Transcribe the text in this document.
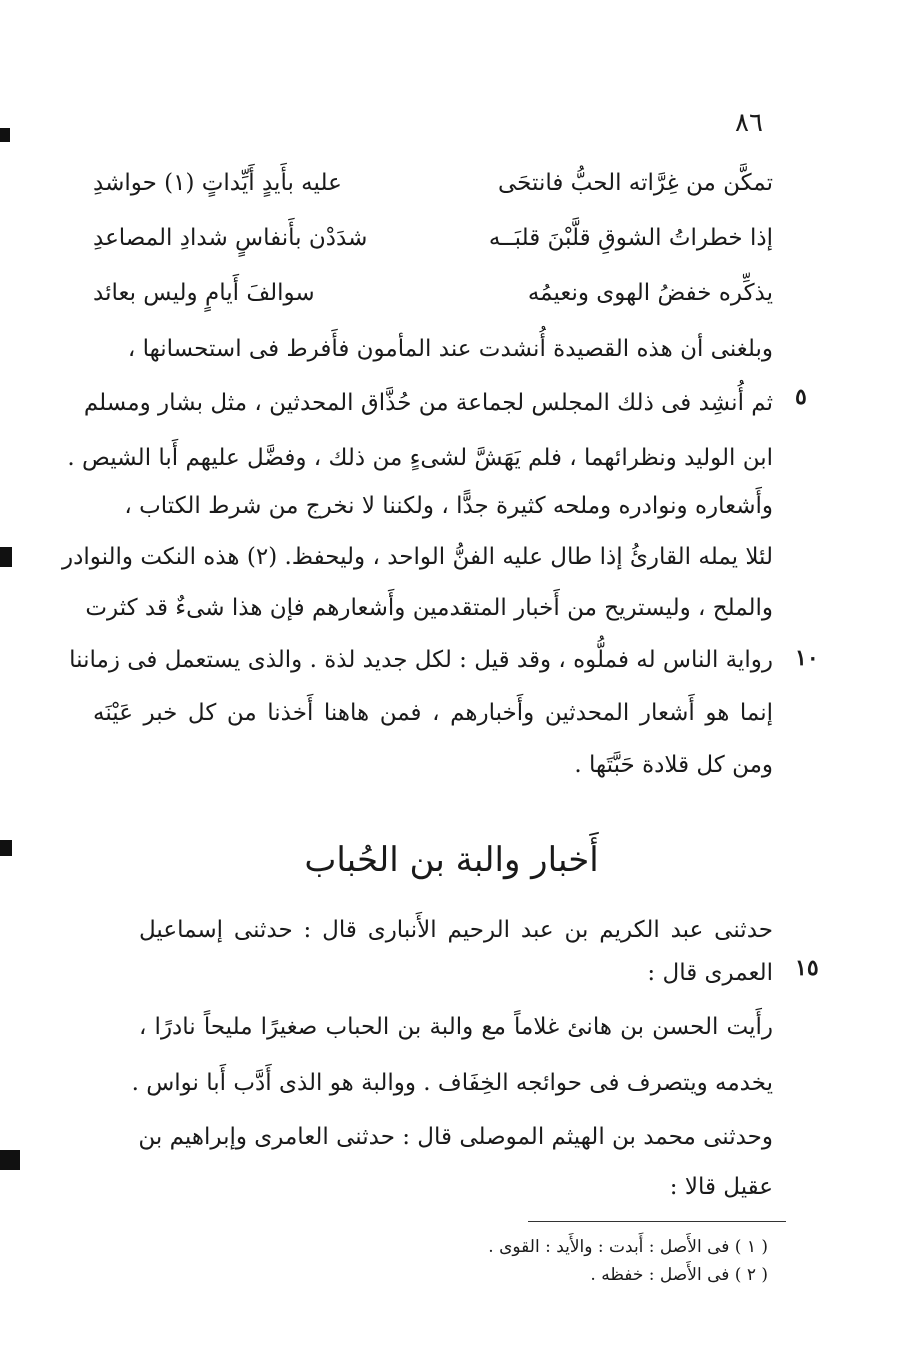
٨٦
تمكَّن من غِرَّاته الحبُّ فانتحَى
عليه بأَيدٍ أَيِّداتٍ (١) حواشدِ
إذا خطراتُ الشوقِ قلَّبْنَ قلبَــه
شدَدْن بأَنفاسٍ شدادِ المصاعدِ
يذكِّره خفضُ الهوى ونعيمُه
سوالفَ أَيامٍ وليس بعائد
وبلغنى أن هذه القصيدة أُنشدت عند المأمون فأَفرط فى استحسانها ،
ثم أُنشِد فى ذلك المجلس لجماعة من حُذَّاق المحدثين ، مثل بشار ومسلم
ابن الوليد ونظرائهما ، فلم يَهَشَّ لشىءٍ من ذلك ، وفضَّل عليهم أَبا الشيص .
وأَشعاره ونوادره وملحه كثيرة جدًّا ، ولكننا لا نخرج من شرط الكتاب ،
لئلا يمله القارئُ إذا طال عليه الفنُّ الواحد ، وليحفظ. (٢) هذه النكت والنوادر
والملح ، وليستريح من أَخبار المتقدمين وأَشعارهم فإن هذا شىءٌ قد كثرت
رواية الناس له فملُّوه ، وقد قيل : لكل جديد لذة . والذى يستعمل فى زماننا
إنما هو أَشعار المحدثين وأَخبارهم ، فمن هاهنا أَخذنا من كل خبر عَيْنَه
ومن كل قلادة حَبَّتَها .
أَخبار والبة بن الحُباب
حدثنى عبد الكريم بن عبد الرحيم الأَنبارى قال : حدثنى إسماعيل
العمرى قال :
رأَيت الحسن بن هانئ غلاماً مع والبة بن الحباب صغيرًا مليحاً نادرًا ،
يخدمه ويتصرف فى حوائجه الخِفَاف . ووالبة هو الذى أَدَّب أَبا نواس .
وحدثنى محمد بن الهيثم الموصلى قال : حدثنى العامرى وإبراهيم بن
عقيل قالا :
٥
١٠
١٥
( ١ ) فى الأَصل : أَبدت : والأَيد : القوى .
( ٢ ) فى الأَصل : خفظه .
